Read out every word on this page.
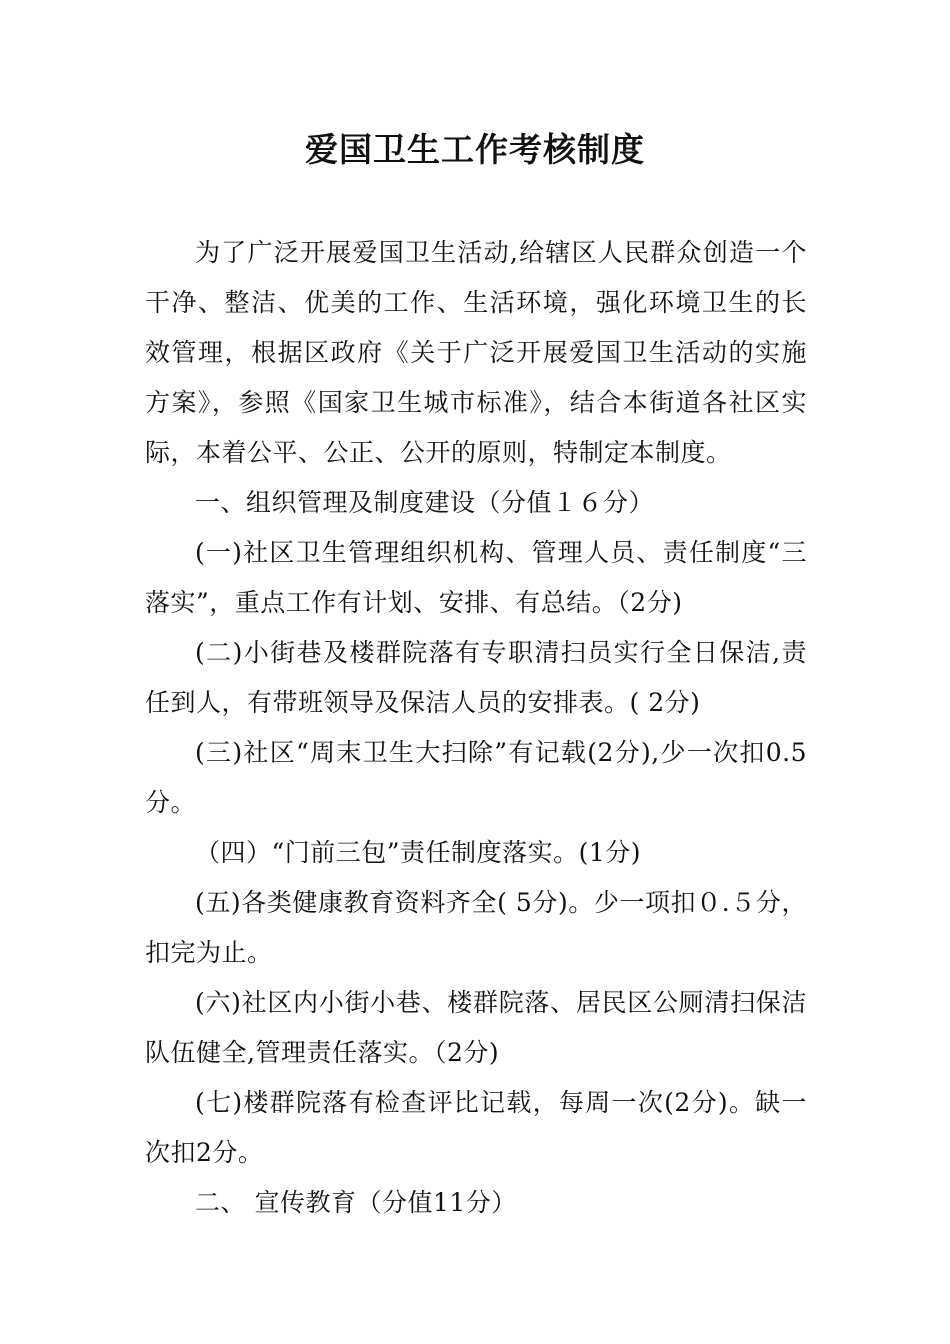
爱国卫生工作考核制度

为了广泛开展爱国卫生活动,给辖区人民群众创造一个干净、整洁、优美的工作、生活环境，强化环境卫生的长效管理，根据区政府《关于广泛开展爱国卫生活动的实施方案》，参照《国家卫生城市标准》，结合本街道各社区实际，本着公平、公正、公开的原则，特制定本制度。

一、组织管理及制度建设（分值１６分）

(一)社区卫生管理组织机构、管理人员、责任制度“三落实”，重点工作有计划、安排、有总结。（2分)

(二)小街巷及楼群院落有专职清扫员实行全日保洁,责任到人，有带班领导及保洁人员的安排表。( 2分)

(三)社区“周末卫生大扫除”有记载(2分),少一次扣0.5分。

（四）“门前三包”责任制度落实。(1分)

(五)各类健康教育资料齐全( 5分)。少一项扣０.５分，扣完为止。

(六)社区内小街小巷、楼群院落、居民区公厕清扫保洁队伍健全,管理责任落实。（2分)

(七)楼群院落有检查评比记载，每周一次(2分)。缺一次扣2分。

二、 宣传教育（分值11分）
